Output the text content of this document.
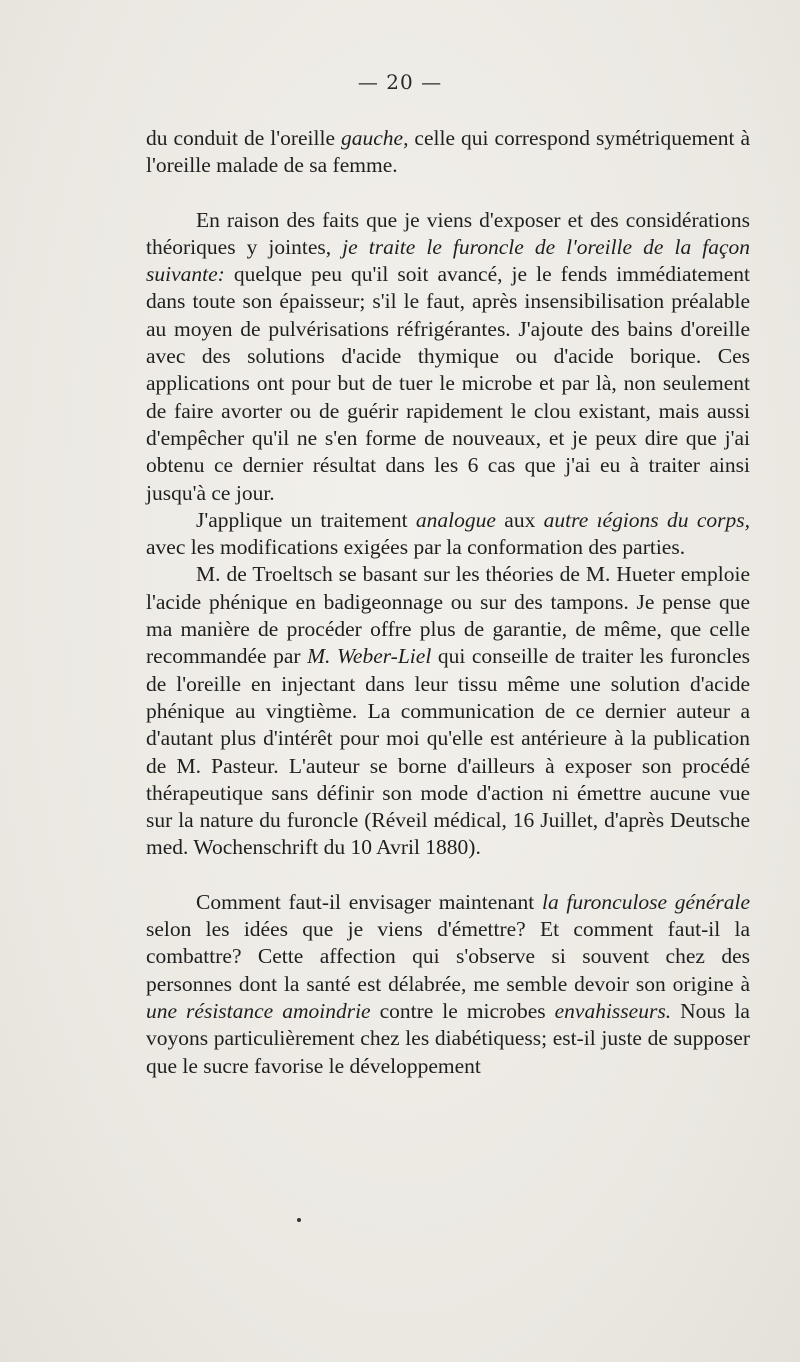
— 20 —

du conduit de l'oreille gauche, celle qui correspond symétriquement à l'oreille malade de sa femme.

En raison des faits que je viens d'exposer et des considérations théoriques y jointes, je traite le furoncle de l'oreille de la façon suivante: quelque peu qu'il soit avancé, je le fends immédiatement dans toute son épaisseur; s'il le faut, après insensibilisation préalable au moyen de pulvérisations réfrigérantes. J'ajoute des bains d'oreille avec des solutions d'acide thymique ou d'acide borique. Ces applications ont pour but de tuer le microbe et par là, non seulement de faire avorter ou de guérir rapidement le clou existant, mais aussi d'empêcher qu'il ne s'en forme de nouveaux, et je peux dire que j'ai obtenu ce dernier résultat dans les 6 cas que j'ai eu à traiter ainsi jusqu'à ce jour.

J'applique un traitement analogue aux autre ıégions du corps, avec les modifications exigées par la conformation des parties.

M. de Troeltsch se basant sur les théories de M. Hueter emploie l'acide phénique en badigeonnage ou sur des tampons. Je pense que ma manière de procéder offre plus de garantie, de même, que celle recommandée par M. Weber-Liel qui conseille de traiter les furoncles de l'oreille en injectant dans leur tissu même une solution d'acide phénique au vingtième. La communication de ce dernier auteur a d'autant plus d'intérêt pour moi qu'elle est antérieure à la publication de M. Pasteur. L'auteur se borne d'ailleurs à exposer son procédé thérapeutique sans définir son mode d'action ni émettre aucune vue sur la nature du furoncle (Réveil médical, 16 Juillet, d'après Deutsche med. Wochenschrift du 10 Avril 1880).

Comment faut-il envisager maintenant la furonculose générale selon les idées que je viens d'émettre? Et comment faut-il la combattre? Cette affection qui s'observe si souvent chez des personnes dont la santé est délabrée, me semble devoir son origine à une résistance amoindrie contre le microbes envahisseurs. Nous la voyons particulièrement chez les diabétiquess; est-il juste de supposer que le sucre favorise le développement
